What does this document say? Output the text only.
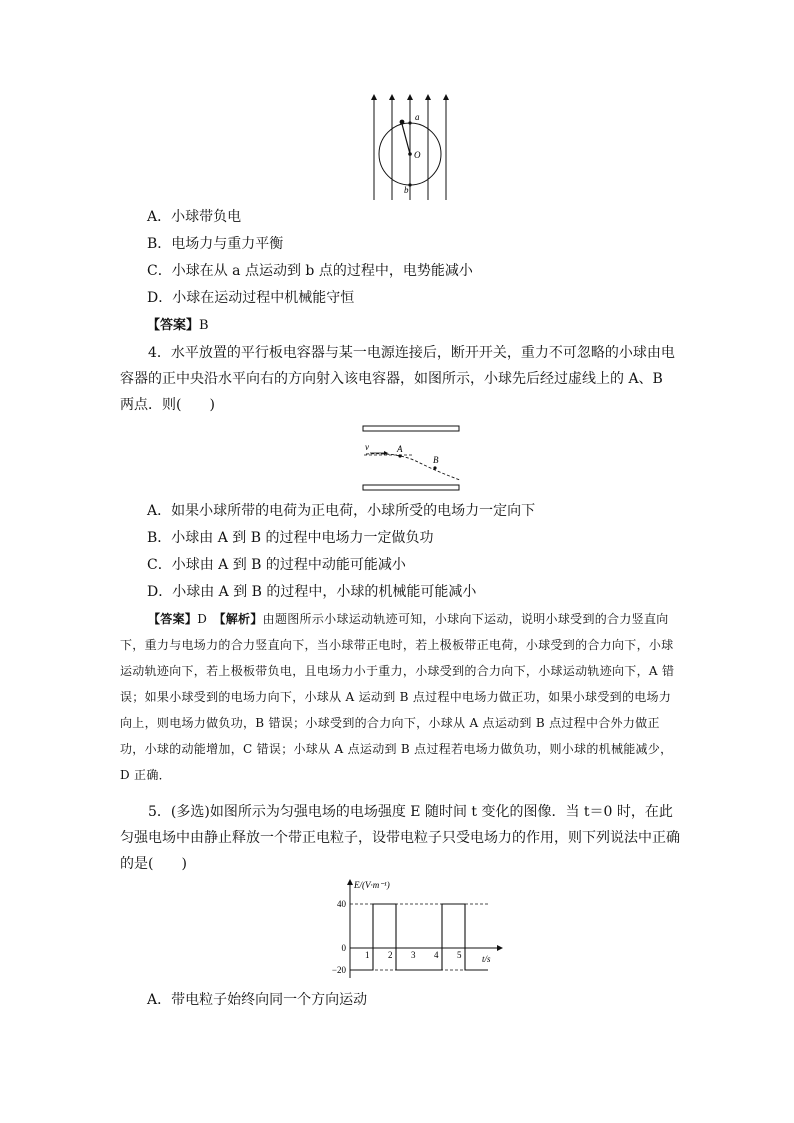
a
O
b
A．小球带负电
B．电场力与重力平衡
C．小球在从 a 点运动到 b 点的过程中，电势能减小
D．小球在运动过程中机械能守恒
【答案】B
4．水平放置的平行板电容器与某一电源连接后，断开开关，重力不可忽略的小球由电容器的正中央沿水平向右的方向射入该电容器，如图所示，小球先后经过虚线上的 A、B 两点．则(　　)
v	A
B
A．如果小球所带的电荷为正电荷，小球所受的电场力一定向下
B．小球由 A 到 B 的过程中电场力一定做负功
C．小球由 A 到 B 的过程中动能可能减小
D．小球由 A 到 B 的过程中，小球的机械能可能减小
【答案】D　 【解析】由题图所示小球运动轨迹可知，小球向下运动，说明小球受到的合力竖直向下，重力与电场力的合力竖直向下，当小球带正电时，若上极板带正电荷，小球受到的合力向下，小球运动轨迹向下，若上极板带负电，且电场力小于重力，小球受到的合力向下，小球运动轨迹向下，A 错误；如果小球受到的电场力向下，小球从 A 运动到 B 点过程中电场力做正功，如果小球受到的电场力向上，则电场力做负功，B 错误；小球受到的合力向下，小球从 A 点运动到 B 点过程中合外力做正功，小球的动能增加，C 错误；小球从 A 点运动到 B 点过程若电场力做负功，则小球的机械能减少，D 正确．
5．(多选)如图所示为匀强电场的电场强度 E 随时间 t 变化的图像．当 t＝0 时，在此匀强电场中由静止释放一个带正电粒子，设带电粒子只受电场力的作用，则下列说法中正确的是(　　)
E/(V·m⁻¹)
t/s
40
0
−20
1 2 3 4 5
A．带电粒子始终向同一个方向运动
